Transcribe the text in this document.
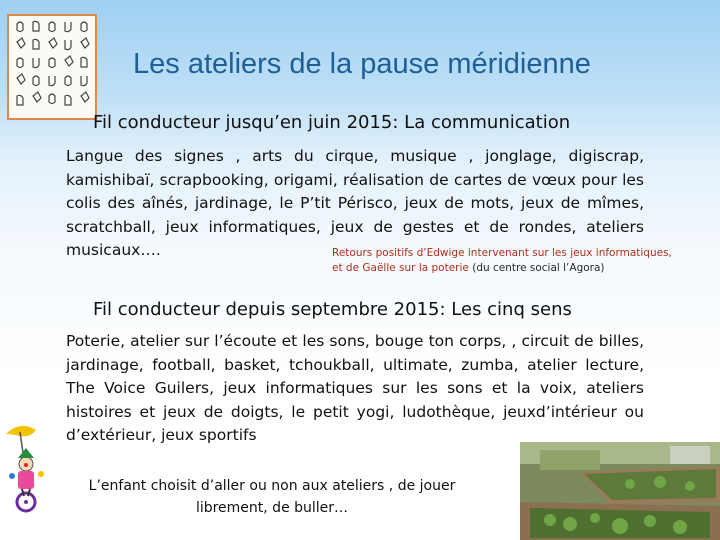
Les ateliers de la pause méridienne
Fil conducteur jusqu’en juin 2015: La communication
Langue des signes , arts du cirque, musique , jonglage, digiscrap, kamishibaï, scrapbooking, origami, réalisation de cartes de vœux pour les colis des aînés, jardinage, le P’tit Périsco, jeux de mots, jeux de mîmes, scratchball, jeux informatiques, jeux de gestes et de rondes, ateliers musicaux….	Retours positifs d’Edwige intervenant sur les jeux informatiques, et de Gaëlle sur la poterie (du centre social l’Agora)
Fil conducteur depuis septembre 2015: Les cinq sens
Poterie, atelier sur l’écoute et les sons, bouge ton corps, , circuit de billes, jardinage, football, basket, tchoukball, ultimate, zumba, atelier lecture, The Voice Guilers, jeux informatiques sur les sons et la voix, ateliers histoires et jeux de doigts, le petit yogi, ludothèque, jeuxd’intérieur ou d’extérieur, jeux sportifs
L’enfant choisit d’aller ou non aux ateliers , de jouer
librement, de buller…
